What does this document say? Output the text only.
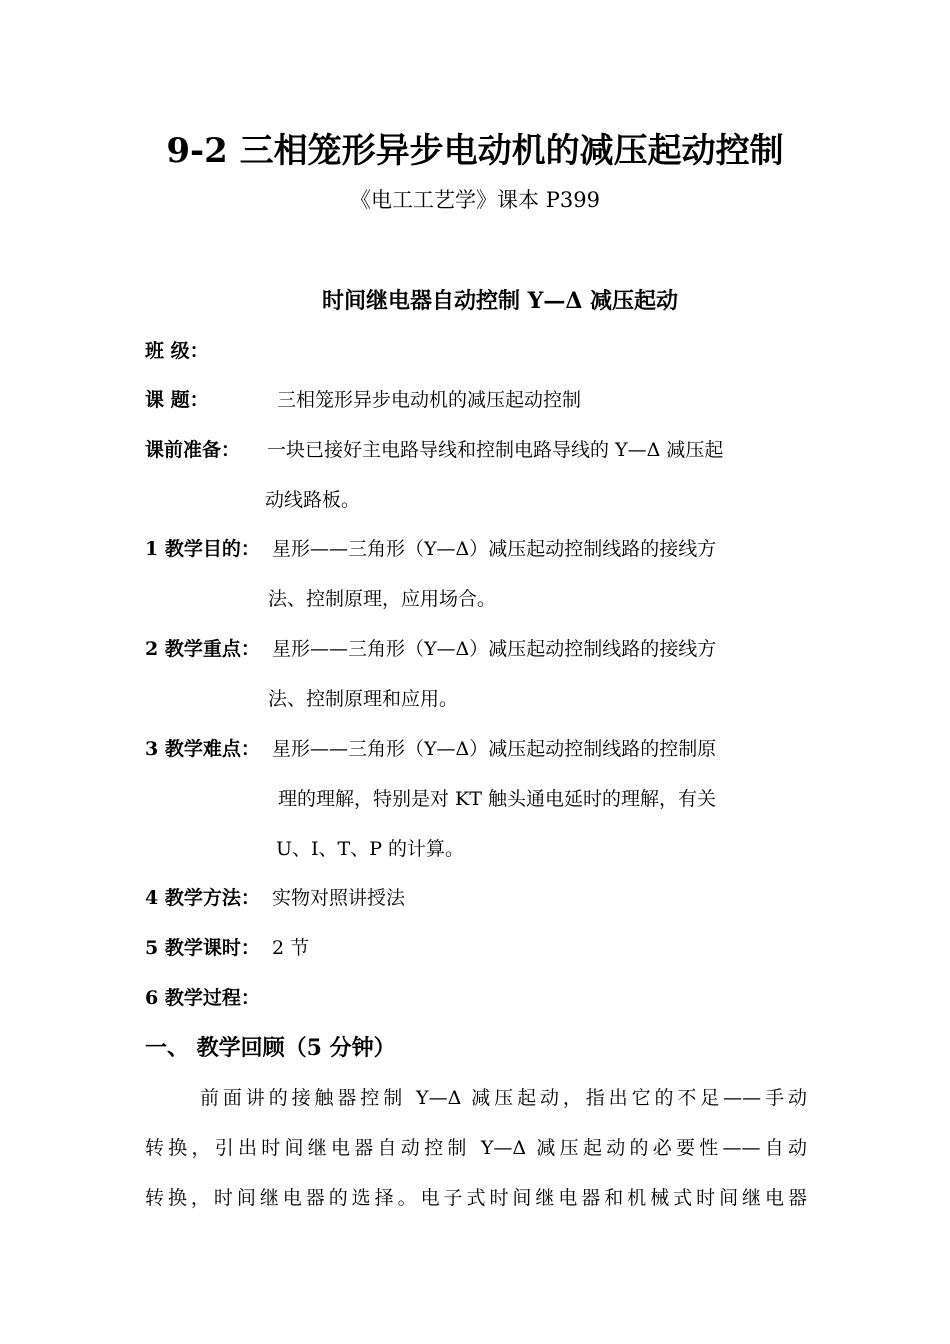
9-2 三相笼形异步电动机的减压起动控制
《电工工艺学》课本 P399
时间继电器自动控制 Y—Δ 减压起动
班 级：
课 题：	三相笼形异步电动机的减压起动控制
课前准备： 一块已接好主电路导线和控制电路导线的 Y—Δ 减压起
动线路板。
1 教学目的： 星形——三角形（Y—Δ）减压起动控制线路的接线方
法、控制原理，应用场合。
2 教学重点： 星形——三角形（Y—Δ）减压起动控制线路的接线方
法、控制原理和应用。
3 教学难点： 星形——三角形（Y—Δ）减压起动控制线路的控制原
理的理解，特别是对 KT 触头通电延时的理解，有关
U、I、T、P 的计算。
4 教学方法： 实物对照讲授法
5 教学课时： 2 节
6 教学过程：
一、 教学回顾（5 分钟）
前面讲的接触器控制 Y—Δ 减压起动，指出它的不足——手动
转换，引出时间继电器自动控制 Y—Δ 减压起动的必要性——自动
转换，时间继电器的选择。电子式时间继电器和机械式时间继电器
